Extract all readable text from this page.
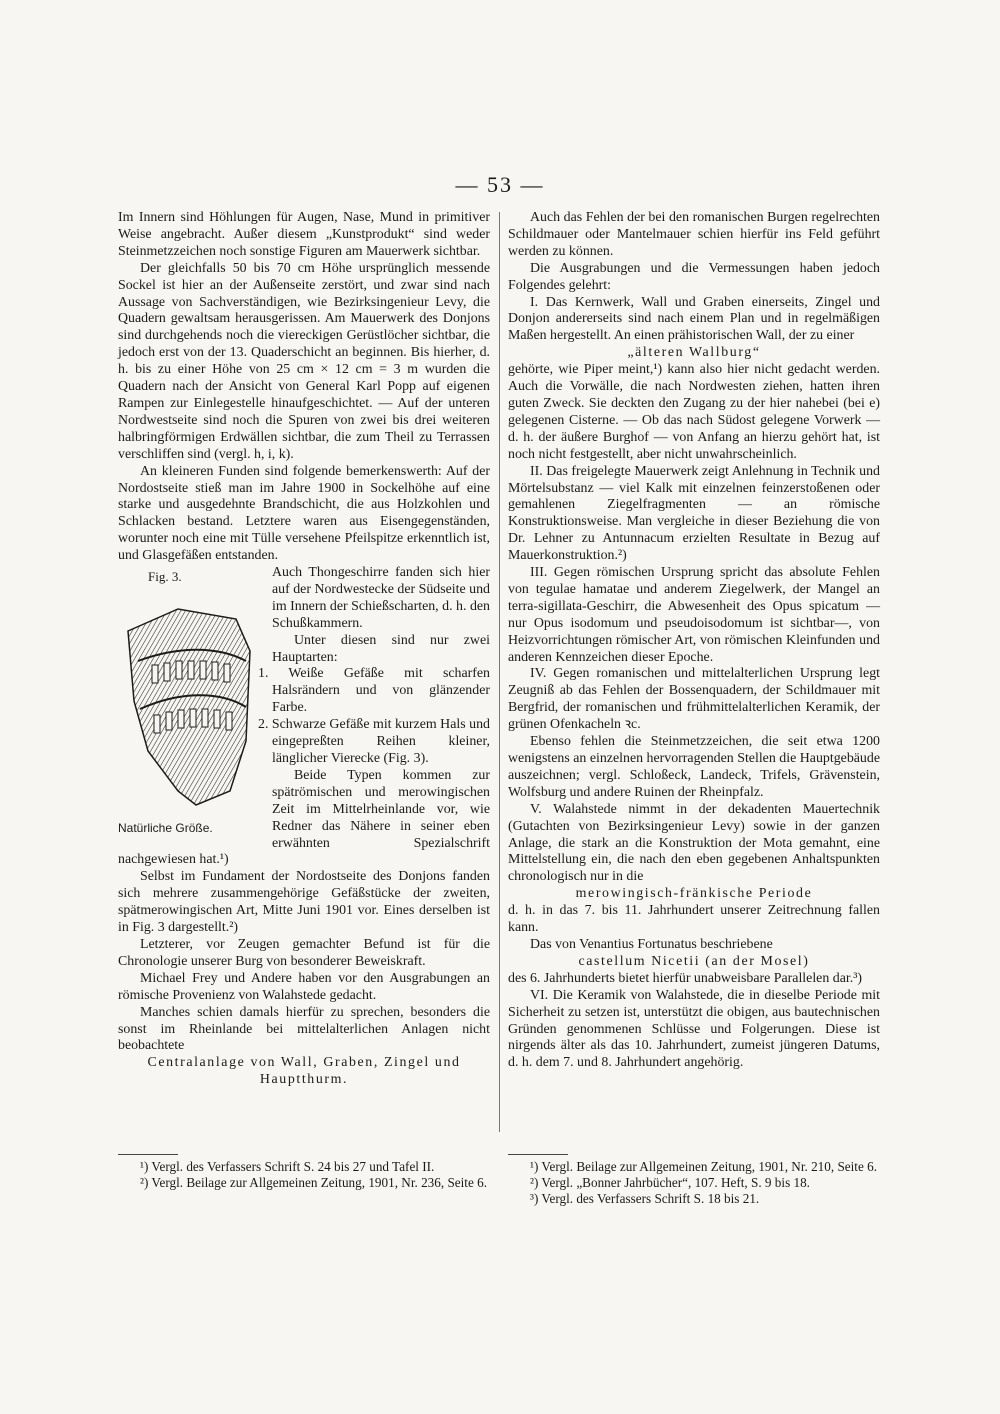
— 53 —

Im Innern sind Höhlungen für Augen, Nase, Mund in primitiver Weise angebracht. Außer diesem „Kunstprodukt“ sind weder Steinmetzzeichen noch sonstige Figuren am Mauerwerk sichtbar.

Der gleichfalls 50 bis 70 cm Höhe ursprünglich messende Sockel ist hier an der Außenseite zerstört, und zwar sind nach Aussage von Sachverständigen, wie Bezirksingenieur Levy, die Quadern gewaltsam herausgerissen. Am Mauerwerk des Donjons sind durchgehends noch die viereckigen Gerüstlöcher sichtbar, die jedoch erst von der 13. Quaderschicht an beginnen. Bis hierher, d. h. bis zu einer Höhe von 25 cm × 12 cm = 3 m wurden die Quadern nach der Ansicht von General Karl Popp auf eigenen Rampen zur Einlegestelle hinaufgeschichtet. — Auf der unteren Nordwestseite sind noch die Spuren von zwei bis drei weiteren halbringförmigen Erdwällen sichtbar, die zum Theil zu Terrassen verschliffen sind (vergl. h, i, k).

An kleineren Funden sind folgende bemerkenswerth: Auf der Nordostseite stieß man im Jahre 1900 in Sockelhöhe auf eine starke und ausgedehnte Brandschicht, die aus Holzkohlen und Schlacken bestand. Letztere waren aus Eisengegenständen, worunter noch eine mit Tülle versehene Pfeilspitze erkenntlich ist, und Glasgefäßen entstanden.

Fig. 3.
Natürliche Größe.

Auch Thongeschirre fanden sich hier auf der Nordwestecke der Südseite und im Innern der Schießscharten, d. h. den Schußkammern.

Unter diesen sind nur zwei Hauptarten:

1. Weiße Gefäße mit scharfen Halsrändern und von glänzender Farbe.
2. Schwarze Gefäße mit kurzem Hals und eingepreßten Reihen kleiner, länglicher Vierecke (Fig. 3).

Beide Typen kommen zur spätrömischen und merowingischen Zeit im Mittelrheinlande vor, wie Redner das Nähere in seiner eben erwähnten Spezialschrift nachgewiesen hat.¹)

Selbst im Fundament der Nordostseite des Donjons fanden sich mehrere zusammengehörige Gefäßstücke der zweiten, spätmerowingischen Art, Mitte Juni 1901 vor. Eines derselben ist in Fig. 3 dargestellt.²)

Letzterer, vor Zeugen gemachter Befund ist für die Chronologie unserer Burg von besonderer Beweiskraft.

Michael Frey und Andere haben vor den Ausgrabungen an römische Provenienz von Walahstede gedacht.

Manches schien damals hierfür zu sprechen, besonders die sonst im Rheinlande bei mittelalterlichen Anlagen nicht beobachtete

Centralanlage von Wall, Graben, Zingel und Hauptthurm.

Auch das Fehlen der bei den romanischen Burgen regelrechten Schildmauer oder Mantelmauer schien hierfür ins Feld geführt werden zu können.

Die Ausgrabungen und die Vermessungen haben jedoch Folgendes gelehrt:

I. Das Kernwerk, Wall und Graben einerseits, Zingel und Donjon andererseits sind nach einem Plan und in regelmäßigen Maßen hergestellt. An einen prähistorischen Wall, der zu einer

„älteren Wallburg“

gehörte, wie Piper meint,¹) kann also hier nicht gedacht werden. Auch die Vorwälle, die nach Nordwesten ziehen, hatten ihren guten Zweck. Sie deckten den Zugang zu der hier nahebei (bei e) gelegenen Cisterne. — Ob das nach Südost gelegene Vorwerk — d. h. der äußere Burghof — von Anfang an hierzu gehört hat, ist noch nicht festgestellt, aber nicht unwahrscheinlich.

II. Das freigelegte Mauerwerk zeigt Anlehnung in Technik und Mörtelsubstanz — viel Kalk mit einzelnen feinzerstoßenen oder gemahlenen Ziegelfragmenten — an römische Konstruktionsweise. Man vergleiche in dieser Beziehung die von Dr. Lehner zu Antunnacum erzielten Resultate in Bezug auf Mauerkonstruktion.²)

III. Gegen römischen Ursprung spricht das absolute Fehlen von tegulae hamatae und anderem Ziegelwerk, der Mangel an terra-sigillata-Geschirr, die Abwesenheit des Opus spicatum — nur Opus isodomum und pseudoisodomum ist sichtbar—, von Heizvorrichtungen römischer Art, von römischen Kleinfunden und anderen Kennzeichen dieser Epoche.

IV. Gegen romanischen und mittelalterlichen Ursprung legt Zeugniß ab das Fehlen der Bossenquadern, der Schildmauer mit Bergfrid, der romanischen und frühmittelalterlichen Keramik, der grünen Ofenkacheln ꝛc.

Ebenso fehlen die Steinmetzzeichen, die seit etwa 1200 wenigstens an einzelnen hervorragenden Stellen die Hauptgebäude auszeichnen; vergl. Schloßeck, Landeck, Trifels, Grävenstein, Wolfsburg und andere Ruinen der Rheinpfalz.

V. Walahstede nimmt in der dekadenten Mauertechnik (Gutachten von Bezirksingenieur Levy) sowie in der ganzen Anlage, die stark an die Konstruktion der Mota gemahnt, eine Mittelstellung ein, die nach den eben gegebenen Anhaltspunkten chronologisch nur in die

merowingisch-fränkische Periode

d. h. in das 7. bis 11. Jahrhundert unserer Zeitrechnung fallen kann.

Das von Venantius Fortunatus beschriebene

castellum Nicetii (an der Mosel)

des 6. Jahrhunderts bietet hierfür unabweisbare Parallelen dar.³)

VI. Die Keramik von Walahstede, die in dieselbe Periode mit Sicherheit zu setzen ist, unterstützt die obigen, aus bautechnischen Gründen genommenen Schlüsse und Folgerungen. Diese ist nirgends älter als das 10. Jahrhundert, zumeist jüngeren Datums, d. h. dem 7. und 8. Jahrhundert angehörig.

¹) Vergl. des Verfassers Schrift S. 24 bis 27 und Tafel II.

²) Vergl. Beilage zur Allgemeinen Zeitung, 1901, Nr. 236, Seite 6.

¹) Vergl. Beilage zur Allgemeinen Zeitung, 1901, Nr. 210, Seite 6.

²) Vergl. „Bonner Jahrbücher“, 107. Heft, S. 9 bis 18.

³) Vergl. des Verfassers Schrift S. 18 bis 21.
